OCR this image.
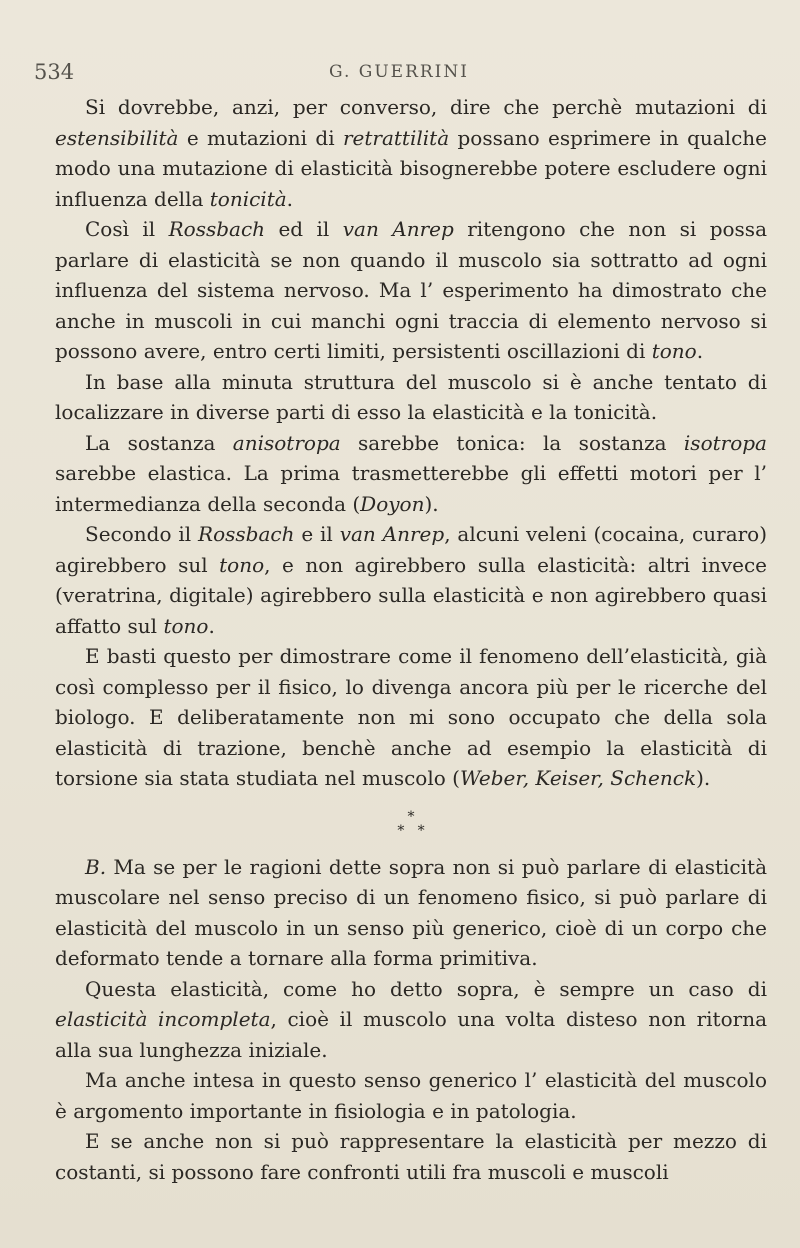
534	G. GUERRINI

Si dovrebbe, anzi, per converso, dire che perchè mutazioni di estensibilità e mutazioni di retrattilità possano esprimere in qualche modo una mutazione di elasticità bisognerebbe potere escludere ogni influenza della tonicità.

Così il Rossbach ed il van Anrep ritengono che non si possa parlare di elasticità se non quando il muscolo sia sottratto ad ogni influenza del sistema nervoso. Ma l’ esperimento ha dimostrato che anche in muscoli in cui manchi ogni traccia di elemento nervoso si possono avere, entro certi limiti, persistenti oscillazioni di tono.

In base alla minuta struttura del muscolo si è anche tentato di localizzare in diverse parti di esso la elasticità e la tonicità.

La sostanza anisotropa sarebbe tonica: la sostanza isotropa sarebbe elastica. La prima trasmetterebbe gli effetti motori per l’ intermedianza della seconda (Doyon).

Secondo il Rossbach e il van Anrep, alcuni veleni (cocaina, curaro) agirebbero sul tono, e non agirebbero sulla elasticità: altri invece (veratrina, digitale) agirebbero sulla elasticità e non agirebbero quasi affatto sul tono.

E basti questo per dimostrare come il fenomeno dell’elasticità, già così complesso per il fisico, lo divenga ancora più per le ricerche del biologo. E deliberatamente non mi sono occupato che della sola elasticità di trazione, benchè anche ad esempio la elasticità di torsione sia stata studiata nel muscolo (Weber, Keiser, Schenck).

*
*   *

B. Ma se per le ragioni dette sopra non si può parlare di elasticità muscolare nel senso preciso di un fenomeno fisico, si può parlare di elasticità del muscolo in un senso più generico, cioè di un corpo che deformato tende a tornare alla forma primitiva.

Questa elasticità, come ho detto sopra, è sempre un caso di elasticità incompleta, cioè il muscolo una volta disteso non ritorna alla sua lunghezza iniziale.

Ma anche intesa in questo senso generico l’ elasticità del muscolo è argomento importante in fisiologia e in patologia.

E se anche non si può rappresentare la elasticità per mezzo di costanti, si possono fare confronti utili fra muscoli e muscoli
